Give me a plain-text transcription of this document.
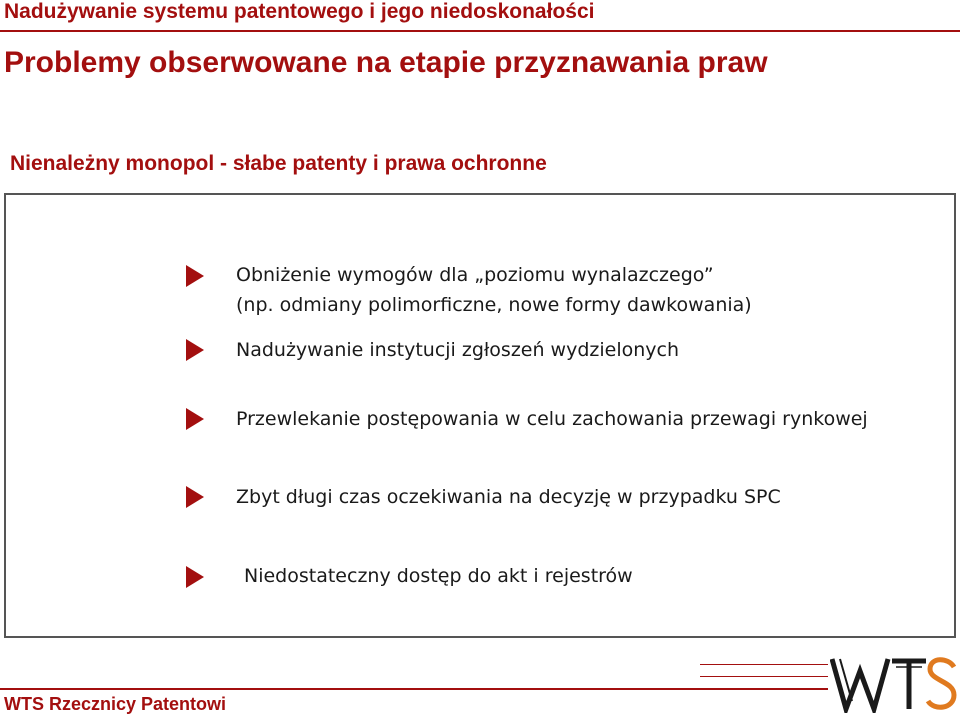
Nadużywanie systemu patentowego i jego niedoskonałości
Problemy obserwowane na etapie przyznawania praw
Nienależny monopol - słabe patenty i prawa ochronne
Obniżenie wymogów dla „poziomu wynalazczego”
(np. odmiany polimorficzne, nowe formy dawkowania)
Nadużywanie instytucji zgłoszeń wydzielonych
Przewlekanie postępowania w celu zachowania przewagi rynkowej
Zbyt długi czas oczekiwania na decyzję w przypadku SPC
Niedostateczny dostęp do akt i rejestrów
WTS Rzecznicy Patentowi
